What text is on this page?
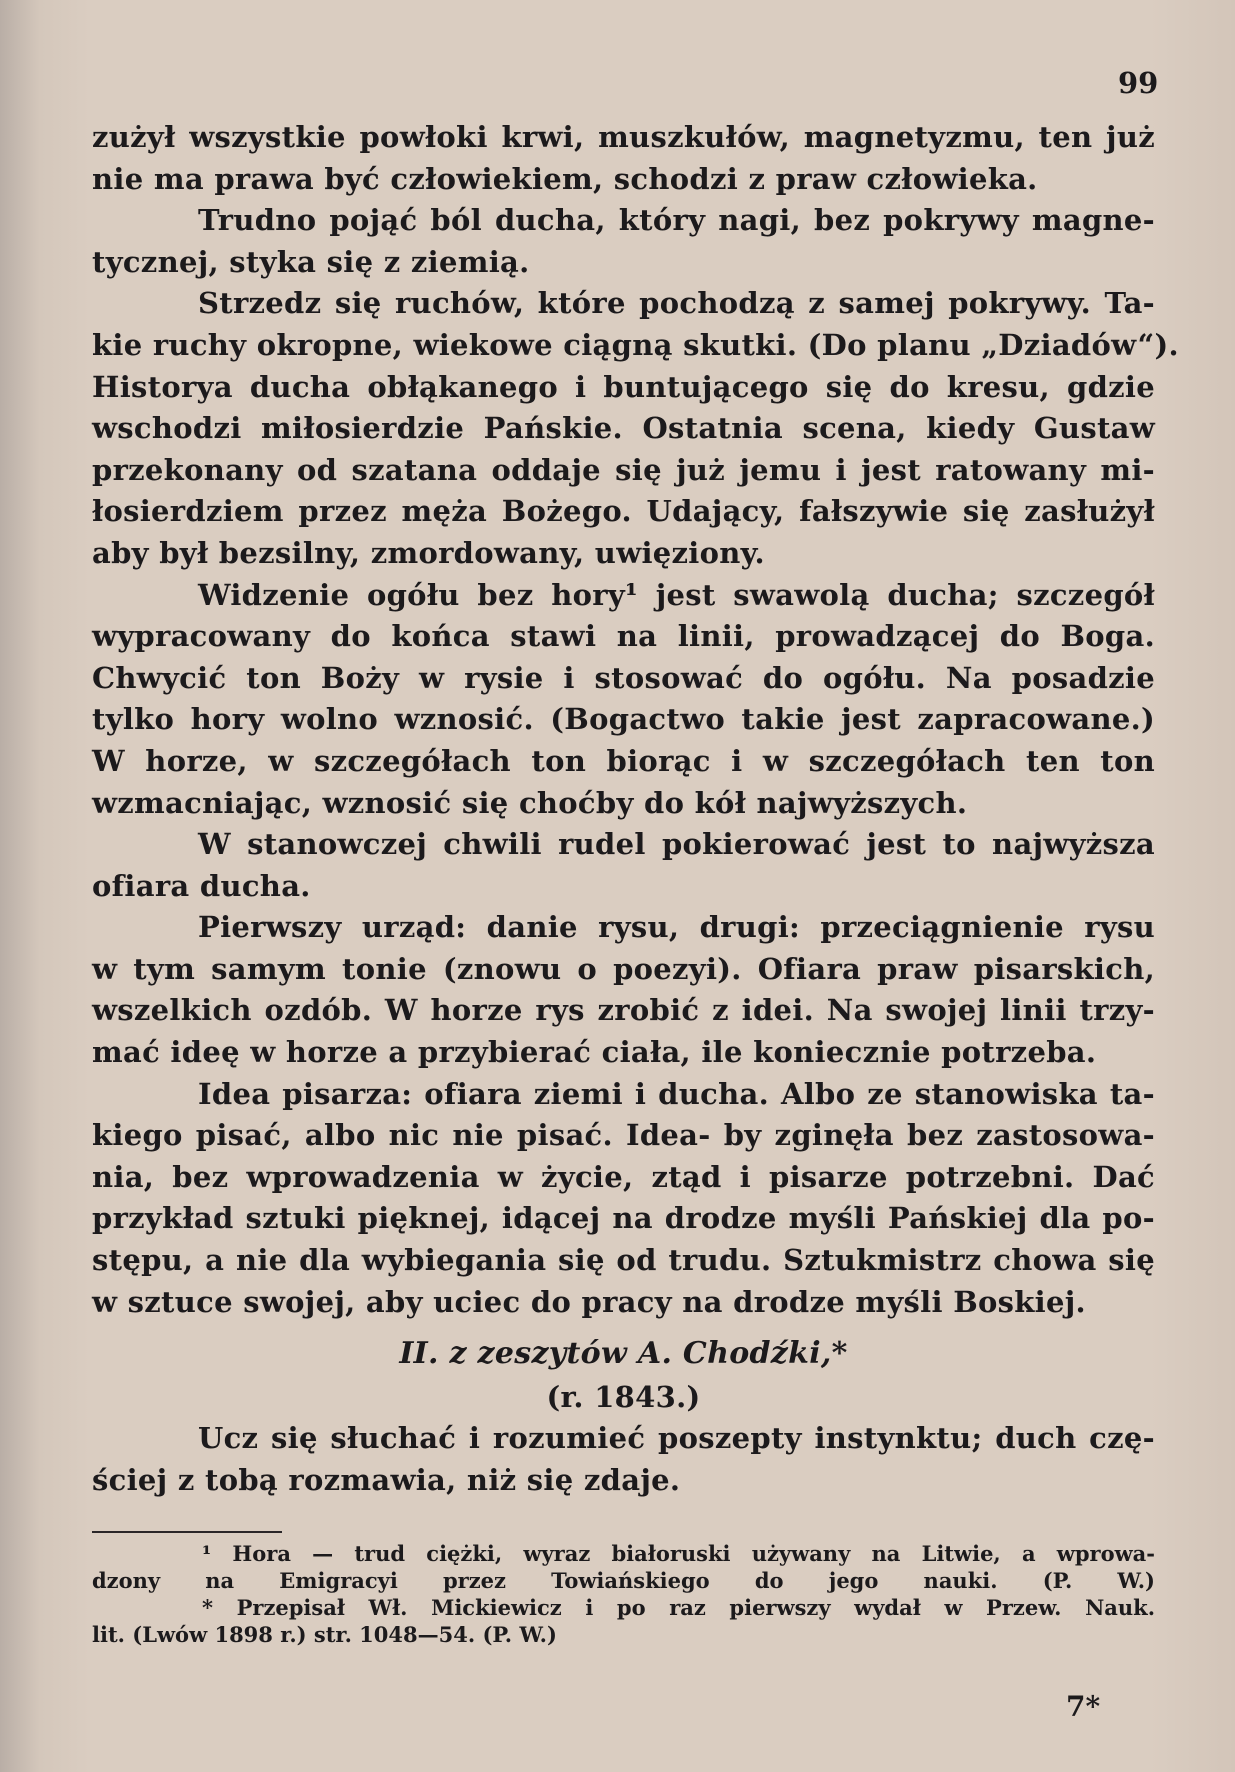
99
zużył wszystkie powłoki krwi, muszkułów, magnetyzmu, ten już
nie ma prawa być człowiekiem, schodzi z praw człowieka.
Trudno pojąć ból ducha, który nagi, bez pokrywy magne-
tycznej, styka się z ziemią.
Strzedz się ruchów, które pochodzą z samej pokrywy. Ta-
kie ruchy okropne, wiekowe ciągną skutki. (Do planu „Dziadów“).
Historya ducha obłąkanego i buntującego się do kresu, gdzie
wschodzi miłosierdzie Pańskie. Ostatnia scena, kiedy Gustaw
przekonany od szatana oddaje się już jemu i jest ratowany mi-
łosierdziem przez męża Bożego. Udający, fałszywie się zasłużył
aby był bezsilny, zmordowany, uwięziony.
Widzenie ogółu bez hory¹ jest swawolą ducha; szczegół
wypracowany do końca stawi na linii, prowadzącej do Boga.
Chwycić ton Boży w rysie i stosować do ogółu. Na posadzie
tylko hory wolno wznosić. (Bogactwo takie jest zapracowane.)
W horze, w szczegółach ton biorąc i w szczegółach ten ton
wzmacniając, wznosić się choćby do kół najwyższych.
W stanowczej chwili rudel pokierować jest to najwyższa
ofiara ducha.
Pierwszy urząd: danie rysu, drugi: przeciągnienie rysu
w tym samym tonie (znowu o poezyi). Ofiara praw pisarskich,
wszelkich ozdób. W horze rys zrobić z idei. Na swojej linii trzy-
mać ideę w horze a przybierać ciała, ile koniecznie potrzeba.
Idea pisarza: ofiara ziemi i ducha. Albo ze stanowiska ta-
kiego pisać, albo nic nie pisać. Idea- by zginęła bez zastosowa-
nia, bez wprowadzenia w życie, ztąd i pisarze potrzebni. Dać
przykład sztuki pięknej, idącej na drodze myśli Pańskiej dla po-
stępu, a nie dla wybiegania się od trudu. Sztukmistrz chowa się
w sztuce swojej, aby uciec do pracy na drodze myśli Boskiej.
II. z zeszytów A. Chodźki,*
(r. 1843.)
Ucz się słuchać i rozumieć poszepty instynktu; duch czę-
ściej z tobą rozmawia, niż się zdaje.
¹ Hora — trud ciężki, wyraz białoruski używany na Litwie, a wprowa-
dzony na Emigracyi przez Towiańskiego do jego nauki. (P. W.)
* Przepisał Wł. Mickiewicz i po raz pierwszy wydał w Przew. Nauk.
lit. (Lwów 1898 r.) str. 1048—54. (P. W.)
7*
